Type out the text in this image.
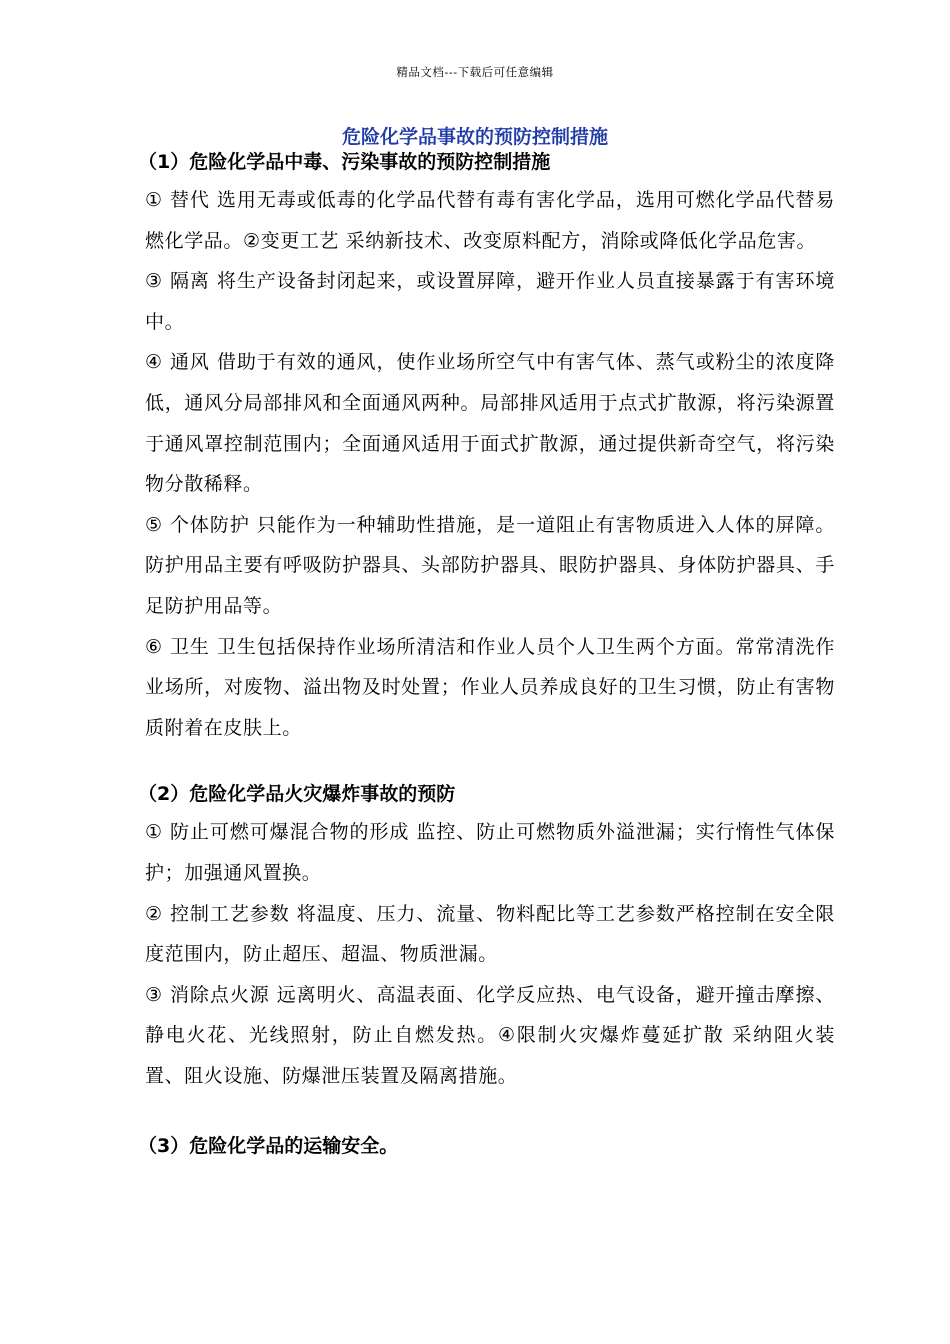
精品文档---下载后可任意编辑
危险化学品事故的预防控制措施
（1）危险化学品中毒、污染事故的预防控制措施
① 替代 选用无毒或低毒的化学品代替有毒有害化学品，选用可燃化学品代替易燃化学品。②变更工艺 采纳新技术、改变原料配方，消除或降低化学品危害。
③ 隔离 将生产设备封闭起来，或设置屏障，避开作业人员直接暴露于有害环境中。
④ 通风 借助于有效的通风，使作业场所空气中有害气体、蒸气或粉尘的浓度降低，通风分局部排风和全面通风两种。局部排风适用于点式扩散源，将污染源置于通风罩控制范围内；全面通风适用于面式扩散源，通过提供新奇空气，将污染物分散稀释。
⑤ 个体防护 只能作为一种辅助性措施，是一道阻止有害物质进入人体的屏障。防护用品主要有呼吸防护器具、头部防护器具、眼防护器具、身体防护器具、手足防护用品等。
⑥ 卫生 卫生包括保持作业场所清洁和作业人员个人卫生两个方面。常常清洗作业场所，对废物、溢出物及时处置；作业人员养成良好的卫生习惯，防止有害物质附着在皮肤上。
（2）危险化学品火灾爆炸事故的预防
① 防止可燃可爆混合物的形成 监控、防止可燃物质外溢泄漏；实行惰性气体保护；加强通风置换。
② 控制工艺参数 将温度、压力、流量、物料配比等工艺参数严格控制在安全限度范围内，防止超压、超温、物质泄漏。
③ 消除点火源 远离明火、高温表面、化学反应热、电气设备，避开撞击摩擦、静电火花、光线照射，防止自燃发热。④限制火灾爆炸蔓延扩散 采纳阻火装置、阻火设施、防爆泄压装置及隔离措施。
（3）危险化学品的运输安全。
